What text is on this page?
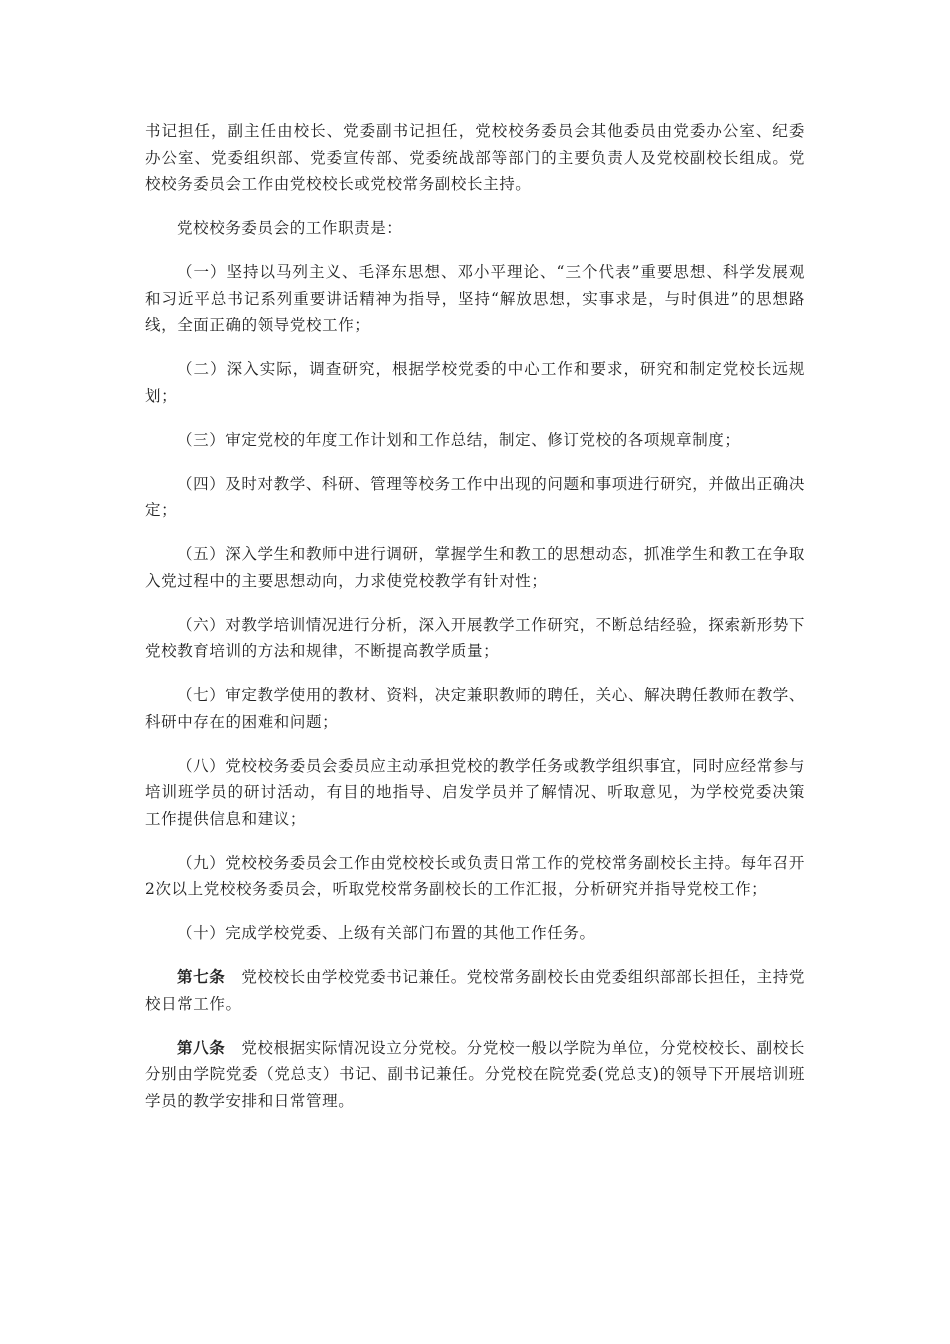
书记担任，副主任由校长、党委副书记担任，党校校务委员会其他委员由党委办公室、纪委办公室、党委组织部、党委宣传部、党委统战部等部门的主要负责人及党校副校长组成。党校校务委员会工作由党校校长或党校常务副校长主持。

党校校务委员会的工作职责是：

（一）坚持以马列主义、毛泽东思想、邓小平理论、“三个代表”重要思想、科学发展观和习近平总书记系列重要讲话精神为指导，坚持“解放思想，实事求是，与时俱进”的思想路线，全面正确的领导党校工作；

（二）深入实际，调查研究，根据学校党委的中心工作和要求，研究和制定党校长远规划；

（三）审定党校的年度工作计划和工作总结，制定、修订党校的各项规章制度；

（四）及时对教学、科研、管理等校务工作中出现的问题和事项进行研究，并做出正确决定；

（五）深入学生和教师中进行调研，掌握学生和教工的思想动态，抓准学生和教工在争取入党过程中的主要思想动向，力求使党校教学有针对性；

（六）对教学培训情况进行分析，深入开展教学工作研究，不断总结经验，探索新形势下党校教育培训的方法和规律，不断提高教学质量；

（七）审定教学使用的教材、资料，决定兼职教师的聘任，关心、解决聘任教师在教学、科研中存在的困难和问题；

（八）党校校务委员会委员应主动承担党校的教学任务或教学组织事宜，同时应经常参与培训班学员的研讨活动，有目的地指导、启发学员并了解情况、听取意见，为学校党委决策工作提供信息和建议；

（九）党校校务委员会工作由党校校长或负责日常工作的党校常务副校长主持。每年召开2次以上党校校务委员会，听取党校常务副校长的工作汇报，分析研究并指导党校工作；

（十）完成学校党委、上级有关部门布置的其他工作任务。

第七条 党校校长由学校党委书记兼任。党校常务副校长由党委组织部部长担任，主持党校日常工作。

第八条 党校根据实际情况设立分党校。分党校一般以学院为单位，分党校校长、副校长分别由学院党委（党总支）书记、副书记兼任。分党校在院党委(党总支)的领导下开展培训班学员的教学安排和日常管理。
